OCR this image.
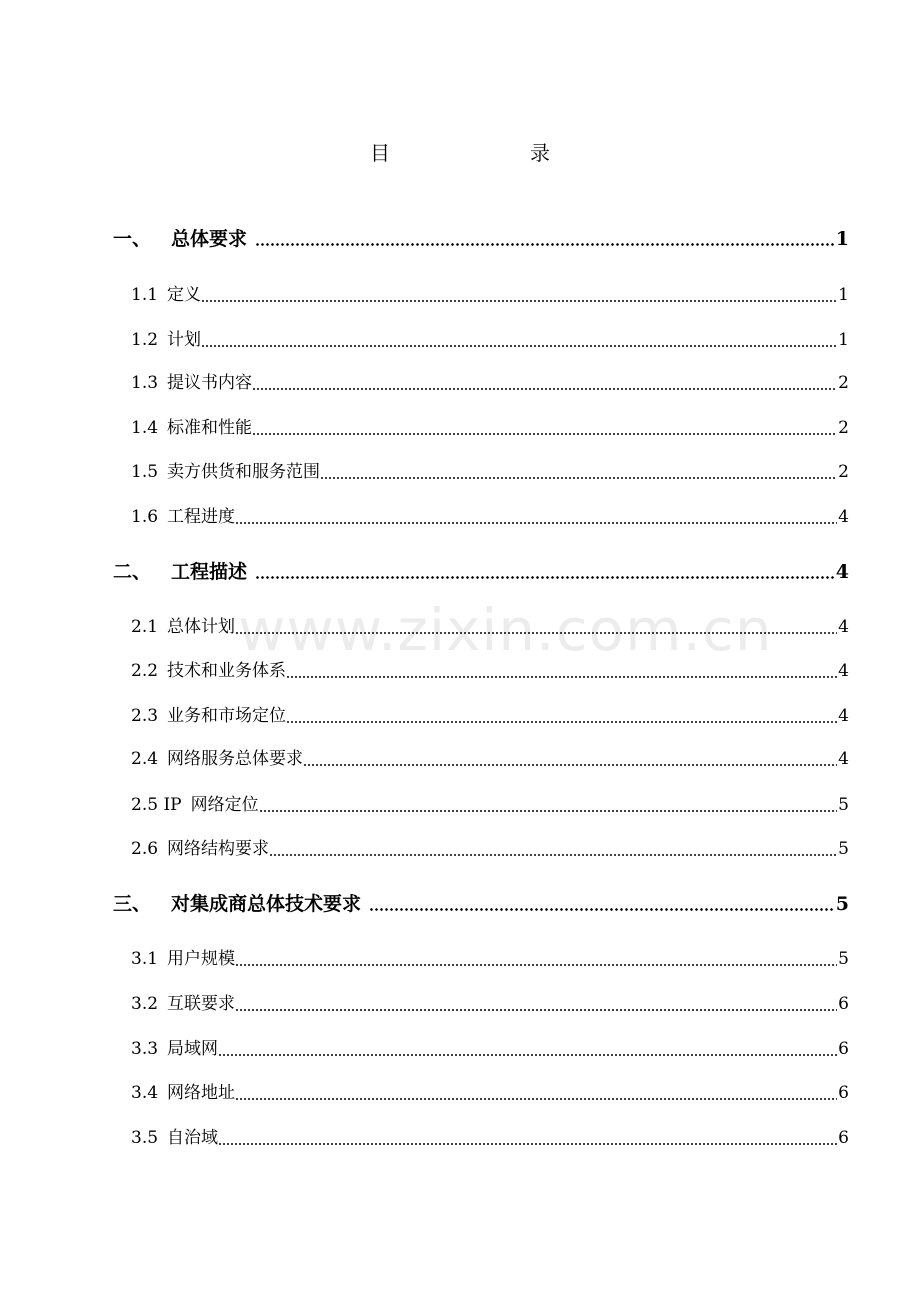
目	录
www.zixin.com.cn
一、	总体要求	1
1.1 定义	1
1.2 计划	1
1.3 提议书内容	2
1.4 标准和性能	2
1.5 卖方供货和服务范围	2
1.6 工程进度	4
二、	工程描述	4
2.1 总体计划	4
2.2 技术和业务体系	4
2.3 业务和市场定位	4
2.4 网络服务总体要求	4
2.5 IP 网络定位	5
2.6 网络结构要求	5
三、	对集成商总体技术要求	5
3.1 用户规模	5
3.2 互联要求	6
3.3 局域网	6
3.4 网络地址	6
3.5 自治域	6
